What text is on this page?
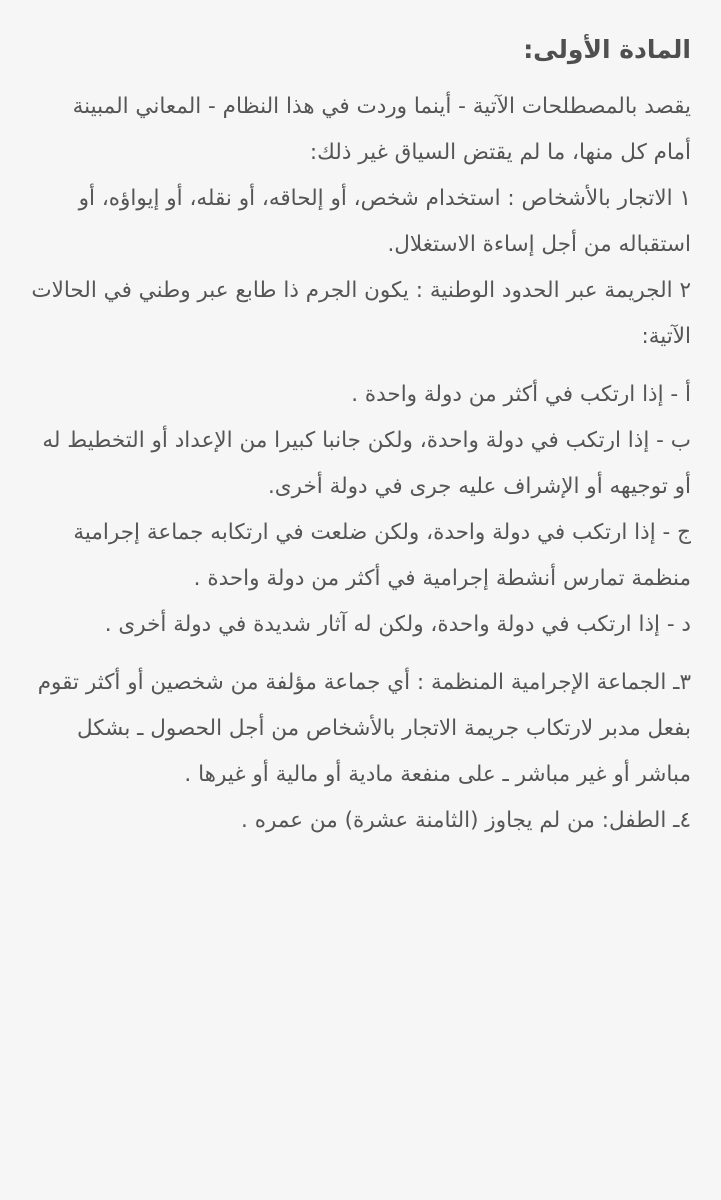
المادة الأولى:

يقصد بالمصطلحات الآتية - أينما وردت في هذا النظام - المعاني المبينة أمام كل منها، ما لم يقتض السياق غير ذلك:

١ الاتجار بالأشخاص : استخدام شخص، أو إلحاقه، أو نقله، أو إيواؤه، أو استقباله من أجل إساءة الاستغلال.

٢ الجريمة عبر الحدود الوطنية : يكون الجرم ذا طابع عبر وطني في الحالات الآتية:

أ - إذا ارتكب في أكثر من دولة واحدة .

ب - إذا ارتكب في دولة واحدة، ولكن جانبا كبيرا من الإعداد أو التخطيط له أو توجيهه أو الإشراف عليه جرى في دولة أخرى.

ج - إذا ارتكب في دولة واحدة، ولكن ضلعت في ارتكابه جماعة إجرامية منظمة تمارس أنشطة إجرامية في أكثر من دولة واحدة .

د - إذا ارتكب في دولة واحدة، ولكن له آثار شديدة في دولة أخرى .

٣ـ الجماعة الإجرامية المنظمة : أي جماعة مؤلفة من شخصين أو أكثر تقوم بفعل مدبر لارتكاب جريمة الاتجار بالأشخاص من أجل الحصول ـ بشكل مباشر أو غير مباشر ـ على منفعة مادية أو مالية أو غيرها .

٤ـ الطفل: من لم يجاوز (الثامنة عشرة) من عمره .
